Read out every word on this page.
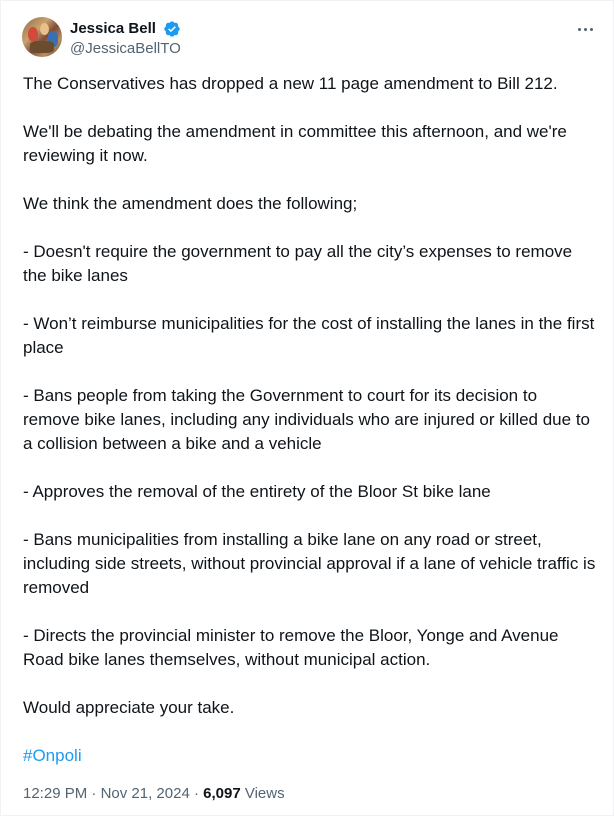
Jessica Bell
@JessicaBellTO

The Conservatives has dropped a new 11 page amendment to Bill 212.

We'll be debating the amendment in committee this afternoon, and we're reviewing it now.

We think the amendment does the following;

- Doesn't require the government to pay all the city’s expenses to remove the bike lanes

- Won’t reimburse municipalities for the cost of installing the lanes in the first place

- Bans people from taking the Government to court for its decision to remove bike lanes, including any individuals who are injured or killed due to a collision between a bike and a vehicle

- Approves the removal of the entirety of the Bloor St bike lane

- Bans municipalities from installing a bike lane on any road or street, including side streets, without provincial approval if a lane of vehicle traffic is removed

- Directs the provincial minister to remove the Bloor, Yonge and Avenue Road bike lanes themselves, without municipal action.

Would appreciate your take.

#Onpoli

12:29 PM · Nov 21, 2024 · 6,097 Views
